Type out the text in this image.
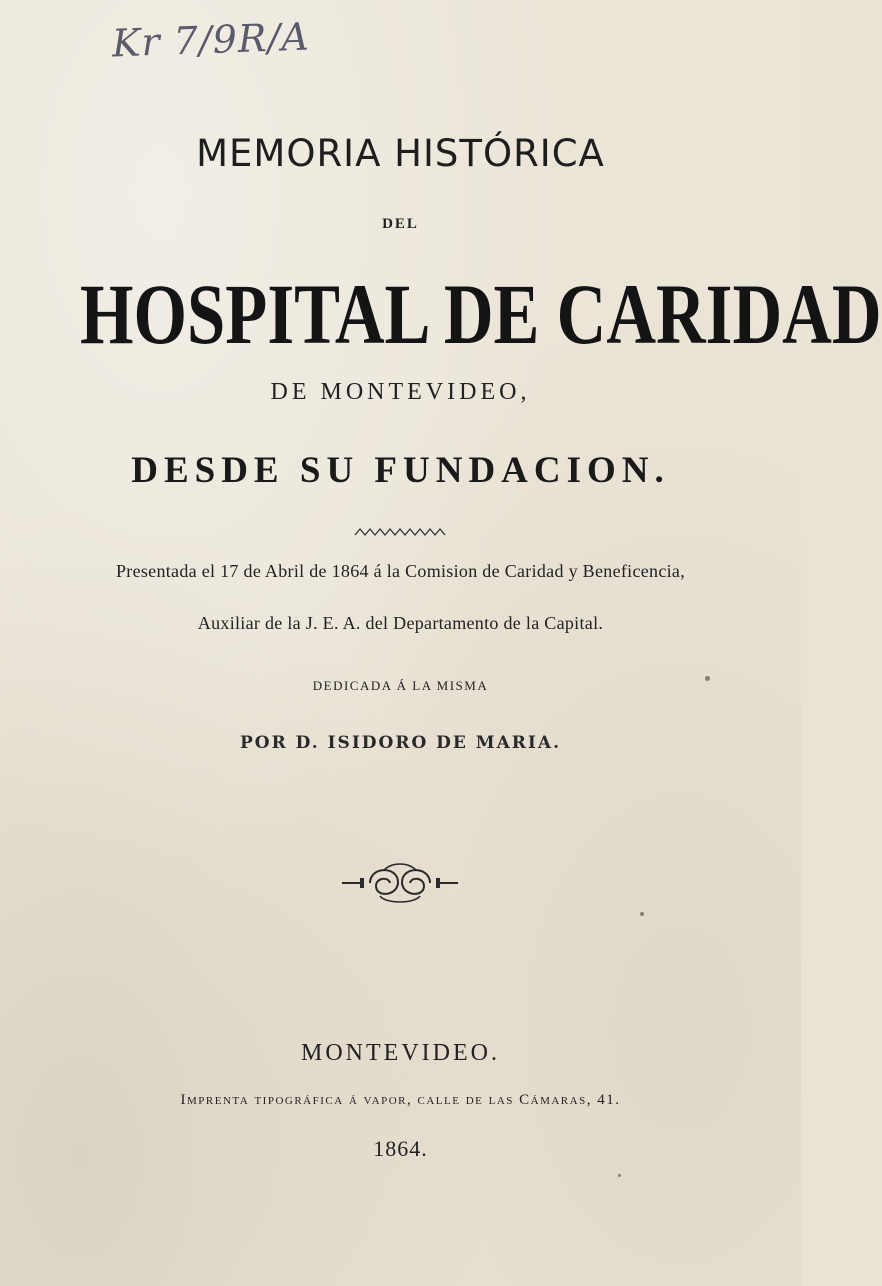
Kr 7/9R/A
MEMORIA HISTÓRICA
DEL
HOSPITAL DE CARIDAD
DE MONTEVIDEO,
DESDE SU FUNDACION.
Presentada el 17 de Abril de 1864 á la Comision de Caridad y Beneficencia,
Auxiliar de la J. E. A. del Departamento de la Capital.
DEDICADA Á LA MISMA
POR D. ISIDORO DE MARIA.
MONTEVIDEO.
Imprenta tipográfica á vapor, calle de las Cámaras, 41.
1864.
